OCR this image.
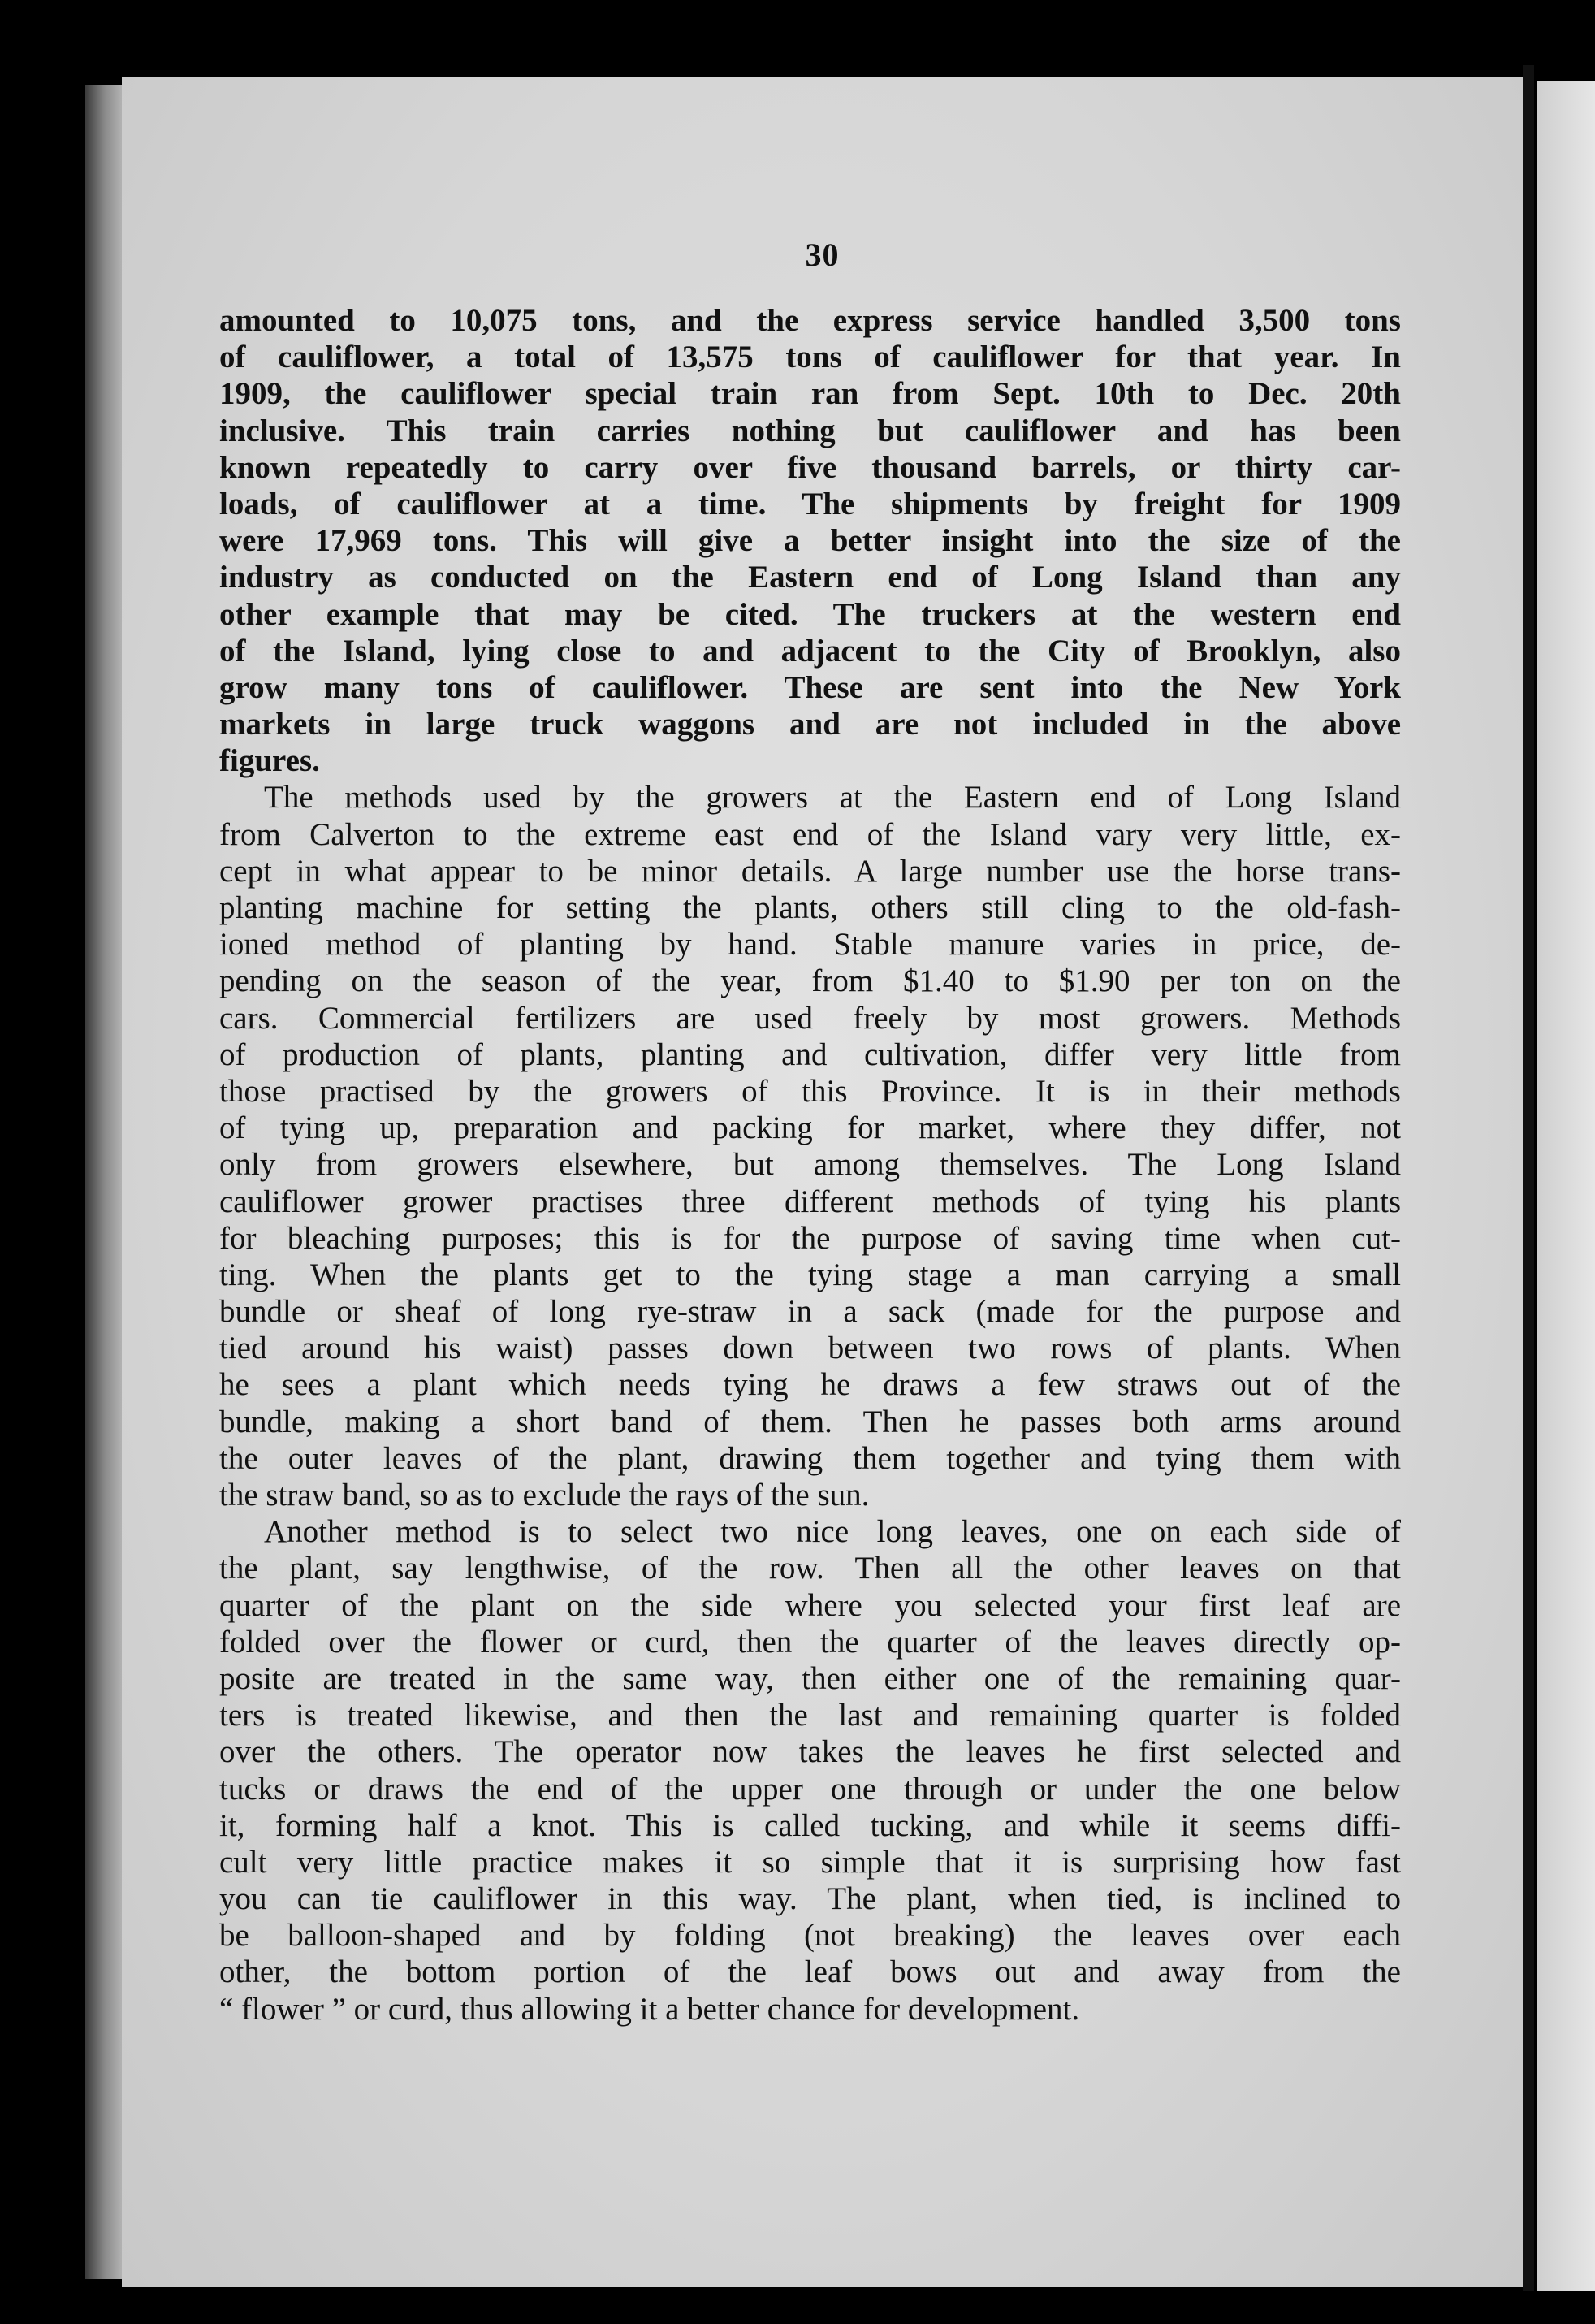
30
amounted to 10,075 tons, and the express service handled 3,500 tons
of cauliflower, a total of 13,575 tons of cauliflower for that year. In
1909, the cauliflower special train ran from Sept. 10th to Dec. 20th
inclusive. This train carries nothing but cauliflower and has been
known repeatedly to carry over five thousand barrels, or thirty car-
loads, of cauliflower at a time. The shipments by freight for 1909
were 17,969 tons. This will give a better insight into the size of the
industry as conducted on the Eastern end of Long Island than any
other example that may be cited. The truckers at the western end
of the Island, lying close to and adjacent to the City of Brooklyn, also
grow many tons of cauliflower. These are sent into the New York
markets in large truck waggons and are not included in the above
figures.
The methods used by the growers at the Eastern end of Long Island
from Calverton to the extreme east end of the Island vary very little, ex-
cept in what appear to be minor details. A large number use the horse trans-
planting machine for setting the plants, others still cling to the old-fash-
ioned method of planting by hand. Stable manure varies in price, de-
pending on the season of the year, from $1.40 to $1.90 per ton on the
cars. Commercial fertilizers are used freely by most growers. Methods
of production of plants, planting and cultivation, differ very little from
those practised by the growers of this Province. It is in their methods
of tying up, preparation and packing for market, where they differ, not
only from growers elsewhere, but among themselves. The Long Island
cauliflower grower practises three different methods of tying his plants
for bleaching purposes; this is for the purpose of saving time when cut-
ting. When the plants get to the tying stage a man carrying a small
bundle or sheaf of long rye-straw in a sack (made for the purpose and
tied around his waist) passes down between two rows of plants. When
he sees a plant which needs tying he draws a few straws out of the
bundle, making a short band of them. Then he passes both arms around
the outer leaves of the plant, drawing them together and tying them with
the straw band, so as to exclude the rays of the sun.
Another method is to select two nice long leaves, one on each side of
the plant, say lengthwise, of the row. Then all the other leaves on that
quarter of the plant on the side where you selected your first leaf are
folded over the flower or curd, then the quarter of the leaves directly op-
posite are treated in the same way, then either one of the remaining quar-
ters is treated likewise, and then the last and remaining quarter is folded
over the others. The operator now takes the leaves he first selected and
tucks or draws the end of the upper one through or under the one below
it, forming half a knot. This is called tucking, and while it seems diffi-
cult very little practice makes it so simple that it is surprising how fast
you can tie cauliflower in this way. The plant, when tied, is inclined to
be balloon-shaped and by folding (not breaking) the leaves over each
other, the bottom portion of the leaf bows out and away from the
“ flower ” or curd, thus allowing it a better chance for development.
